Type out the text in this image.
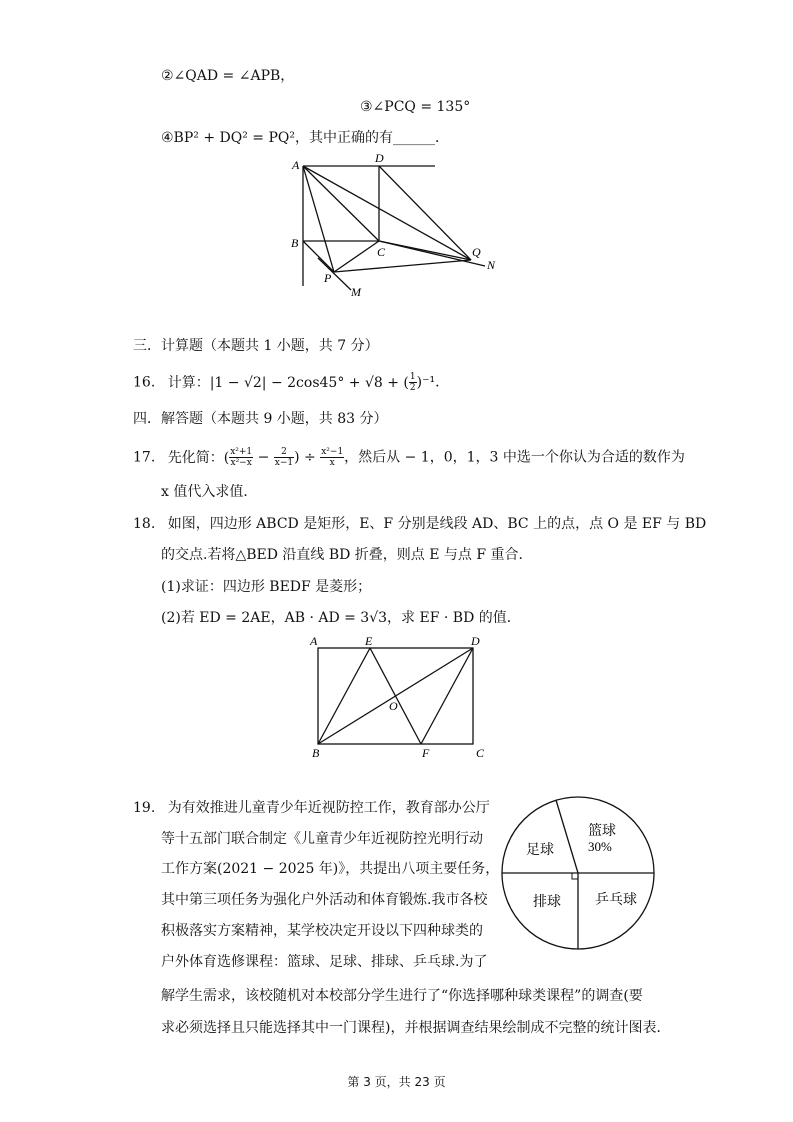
②∠QAD = ∠APB，
③∠PCQ = 135°
④BP² + DQ² = PQ²，其中正确的有______．
A	D
B
C
P
Q
N
M
三．计算题（本题共 1 小题，共 7 分）
16. 计算：|1 − √2| − 2cos45° + √8 + ( $\frac{1}{2} )^{-1}$．
四．解答题（本题共 9 小题，共 83 分）
17. 先化简：( $\frac{\text{x²+1}}{\text{x²−x}} - \frac{2}{x-1}$ ) ÷ $\frac{\text{x²−1}}{x}$ ，然后从 − 1，0，1，3 中选一个你认为合适的数作为
x 值代入求值．
18. 如图，四边形 ABCD 是矩形，E、F 分别是线段 AD、BC 上的点，点 O 是 EF 与 BD
的交点.若将△BED 沿直线 BD 折叠，则点 E 与点 F 重合．
(1)求证：四边形 BEDF 是菱形；
(2)若 ED = 2AE，AB · AD = 3√3，求 EF · BD 的值．
A	E	D
O
B	F	C
19. 为有效推进儿童青少年近视防控工作，教育部办公厅
等十五部门联合制定《儿童青少年近视防控光明行动
工作方案(2021 − 2025 年)》，共提出八项主要任务，
其中第三项任务为强化户外活动和体育锻炼.我市各校
积极落实方案精神，某学校决定开设以下四种球类的
户外体育选修课程：篮球、足球、排球、乒乓球.为了
解学生需求，该校随机对本校部分学生进行了“你选择哪种球类课程”的调查(要
求必须选择且只能选择其中一门课程)，并根据调查结果绘制成不完整的统计图表．
篮球
30%
足球
排球 乒乓球
第 3 页，共 23 页
